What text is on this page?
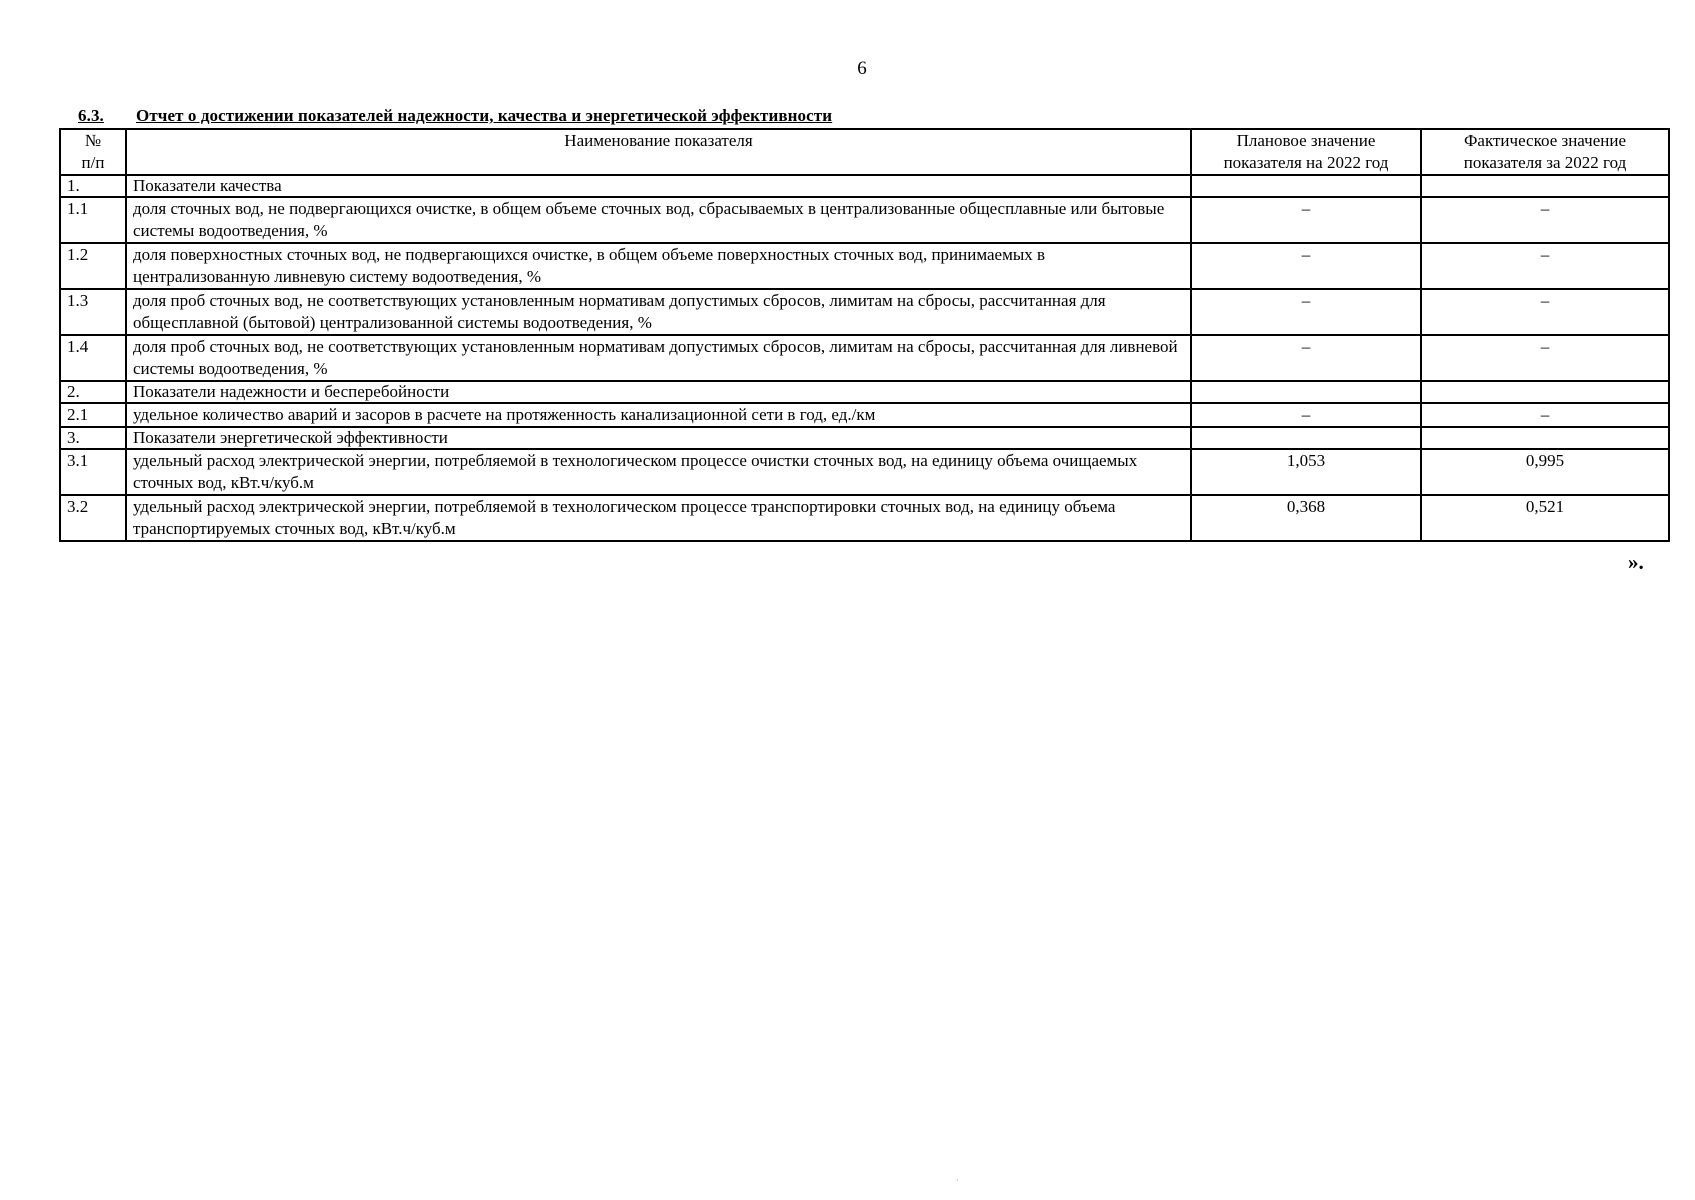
6
6.3. Отчет о достижении показателей надежности, качества и энергетической эффективности
№
п/п	Наименование показателя	Плановое значение показателя на 2022 год	Фактическое значение показателя за 2022 год
1.	Показатели качества		
1.1	доля сточных вод, не подвергающихся очистке, в общем объеме сточных вод, сбрасываемых в централизованные общесплавные или бытовые системы водоотведения, %	–	–
1.2	доля поверхностных сточных вод, не подвергающихся очистке, в общем объеме поверхностных сточных вод, принимаемых в централизованную ливневую систему водоотведения, %	–	–
1.3	доля проб сточных вод, не соответствующих установленным нормативам допустимых сбросов, лимитам на сбросы, рассчитанная для общесплавной (бытовой) централизованной системы водоотведения, %	–	–
1.4	доля проб сточных вод, не соответствующих установленным нормативам допустимых сбросов, лимитам на сбросы, рассчитанная для ливневой системы водоотведения, %	–	–
2.	Показатели надежности и бесперебойности		
2.1	удельное количество аварий и засоров в расчете на протяженность канализационной сети в год, ед./км	–	–
3.	Показатели энергетической эффективности		
3.1	удельный расход электрической энергии, потребляемой в технологическом процессе очистки сточных вод, на единицу объема очищаемых сточных вод, кВт.ч/куб.м	1,053	0,995
3.2	удельный расход электрической энергии, потребляемой в технологическом процессе транспортировки сточных вод, на единицу объема транспортируемых сточных вод, кВт.ч/куб.м	0,368	0,521
».
·
